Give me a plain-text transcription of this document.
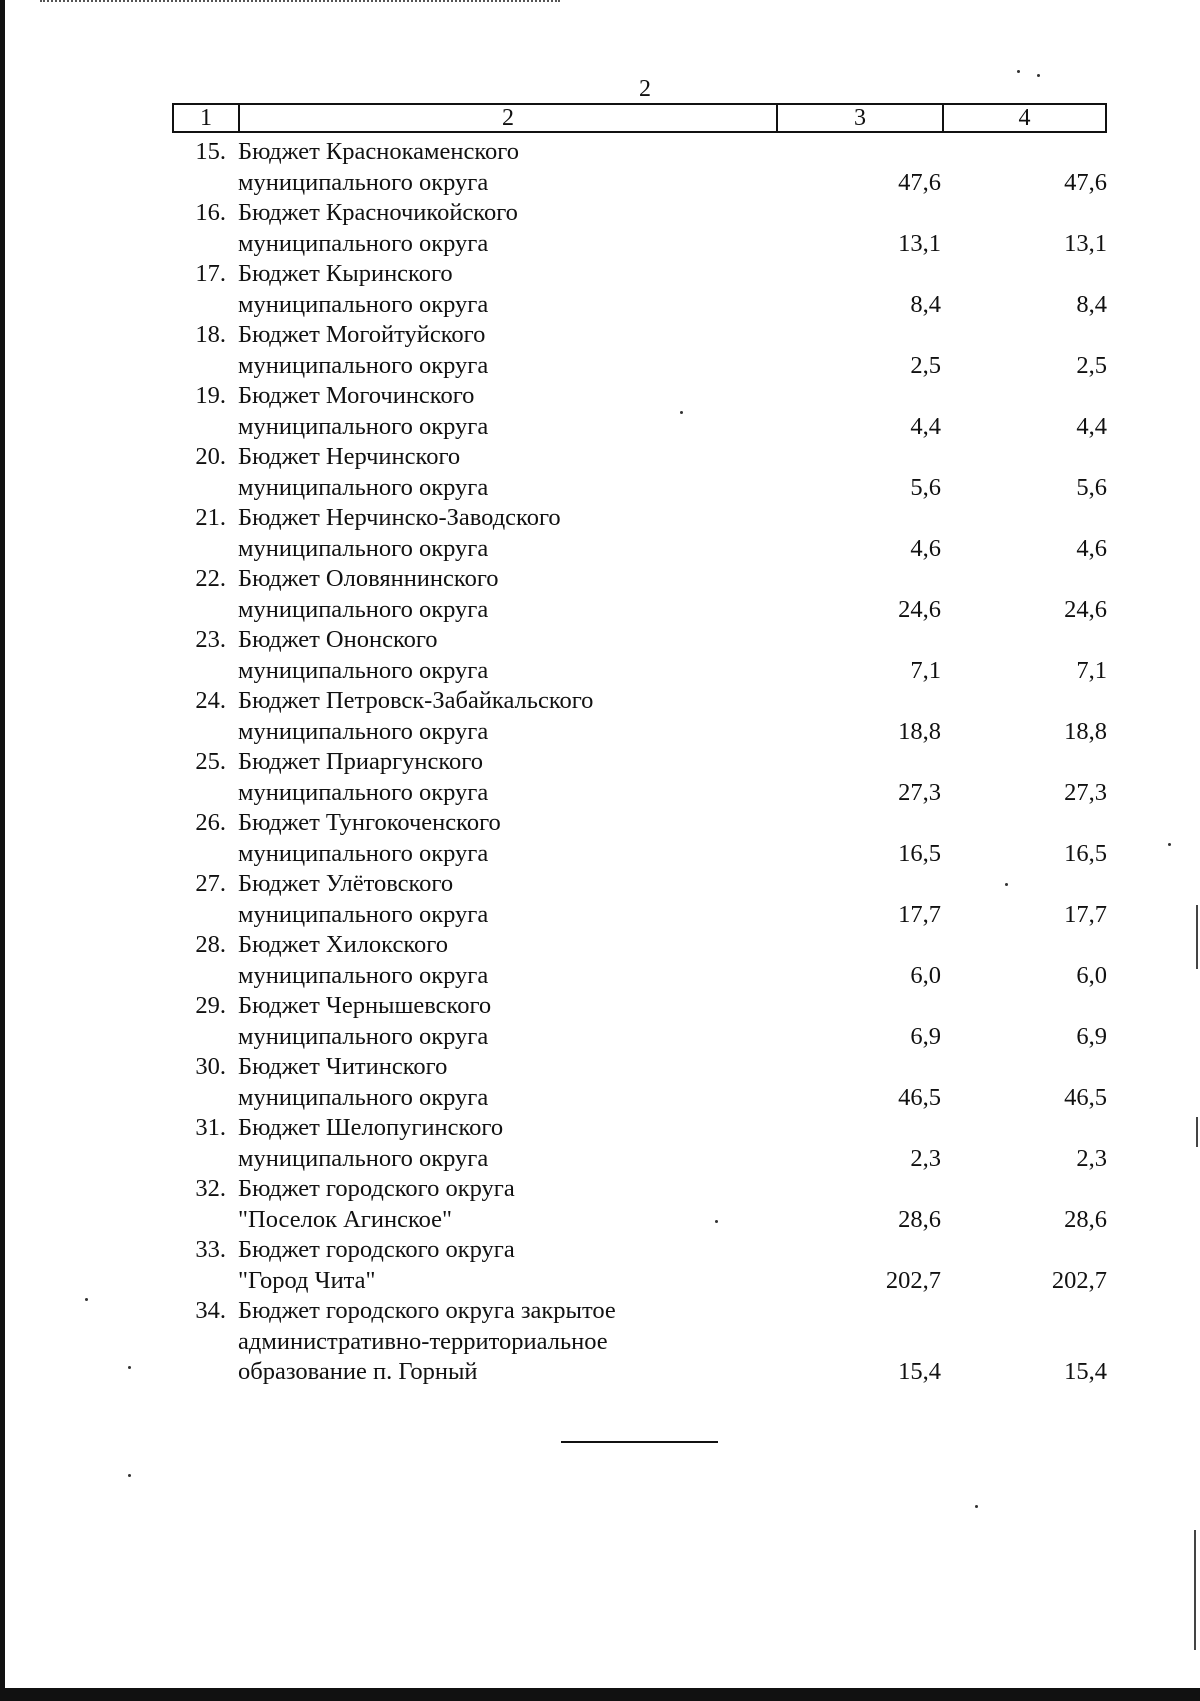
2
1	2	3	4
15. Бюджет Краснокаменского
муниципального округа	47,6	47,6
16. Бюджет Красночикойского
муниципального округа	13,1	13,1
17. Бюджет Кыринского
муниципального округа	8,4	8,4
18. Бюджет Могойтуйского
муниципального округа	2,5	2,5
19. Бюджет Могочинского
муниципального округа	4,4	4,4
20. Бюджет Нерчинского
муниципального округа	5,6	5,6
21. Бюджет Нерчинско-Заводского
муниципального округа	4,6	4,6
22. Бюджет Оловяннинского
муниципального округа	24,6	24,6
23. Бюджет Ононского
муниципального округа	7,1	7,1
24. Бюджет Петровск-Забайкальского
муниципального округа	18,8	18,8
25. Бюджет Приаргунского
муниципального округа	27,3	27,3
26. Бюджет Тунгокоченского
муниципального округа	16,5	16,5
27. Бюджет Улётовского
муниципального округа	17,7	17,7
28. Бюджет Хилокского
муниципального округа	6,0	6,0
29. Бюджет Чернышевского
муниципального округа	6,9	6,9
30. Бюджет Читинского
муниципального округа	46,5	46,5
31. Бюджет Шелопугинского
муниципального округа	2,3	2,3
32. Бюджет городского округа
"Поселок Агинское"	28,6	28,6
33. Бюджет городского округа
"Город Чита"	202,7	202,7
34. Бюджет городского округа закрытое
административно-территориальное
образование п. Горный	15,4	15,4
